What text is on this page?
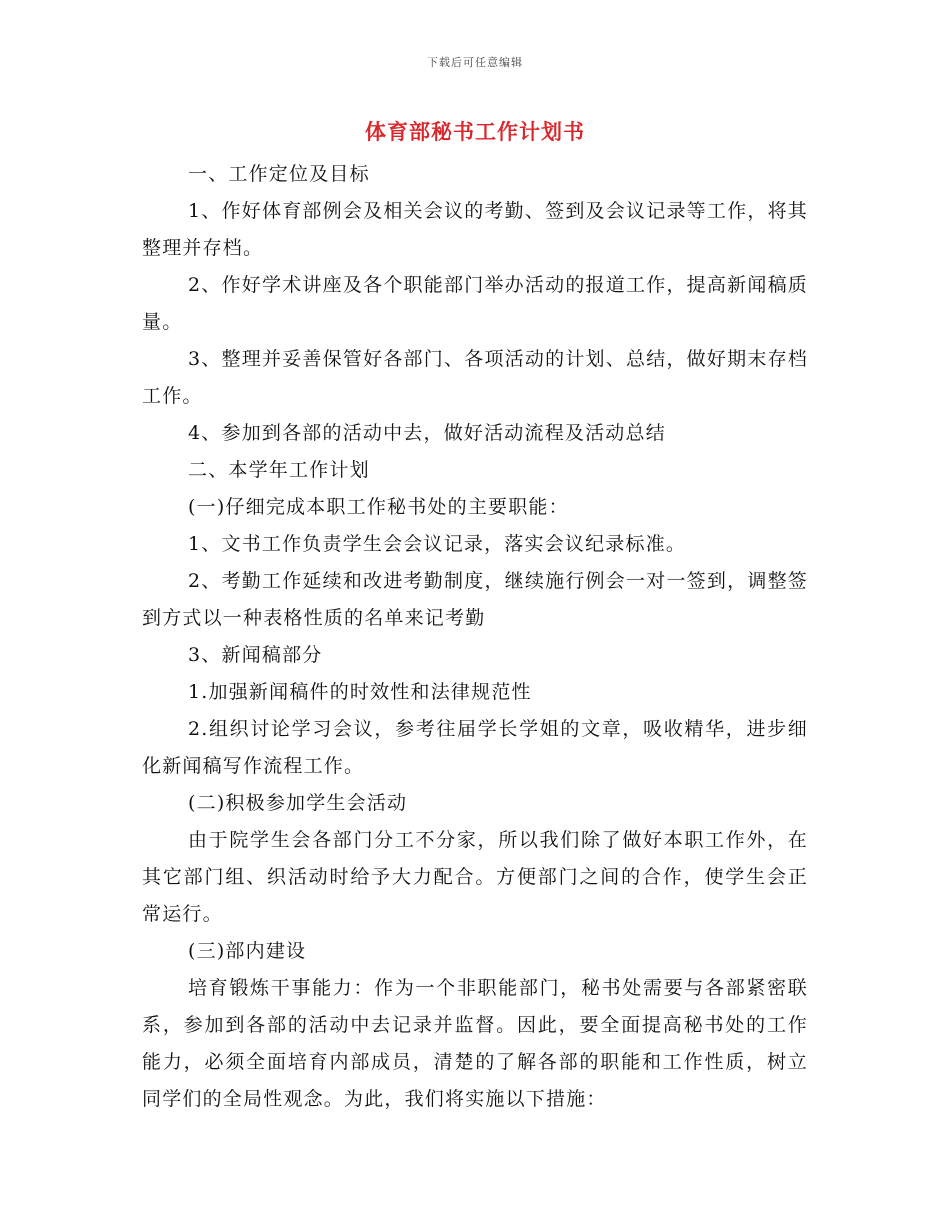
下载后可任意编辑
体育部秘书工作计划书

一、工作定位及目标

1、作好体育部例会及相关会议的考勤、签到及会议记录等工作，将其整理并存档。

2、作好学术讲座及各个职能部门举办活动的报道工作，提高新闻稿质量。

3、整理并妥善保管好各部门、各项活动的计划、总结，做好期末存档工作。

4、参加到各部的活动中去，做好活动流程及活动总结

二、本学年工作计划

(一)仔细完成本职工作秘书处的主要职能：

1、文书工作负责学生会会议记录，落实会议纪录标准。

2、考勤工作延续和改进考勤制度，继续施行例会一对一签到，调整签到方式以一种表格性质的名单来记考勤

3、新闻稿部分

1.加强新闻稿件的时效性和法律规范性

2.组织讨论学习会议，参考往届学长学姐的文章，吸收精华，进步细化新闻稿写作流程工作。

(二)积极参加学生会活动

由于院学生会各部门分工不分家，所以我们除了做好本职工作外，在其它部门组、织活动时给予大力配合。方便部门之间的合作，使学生会正常运行。

(三)部内建设

培育锻炼干事能力：作为一个非职能部门，秘书处需要与各部紧密联系，参加到各部的活动中去记录并监督。因此，要全面提高秘书处的工作能力，必须全面培育内部成员，清楚的了解各部的职能和工作性质，树立同学们的全局性观念。为此，我们将实施以下措施：
